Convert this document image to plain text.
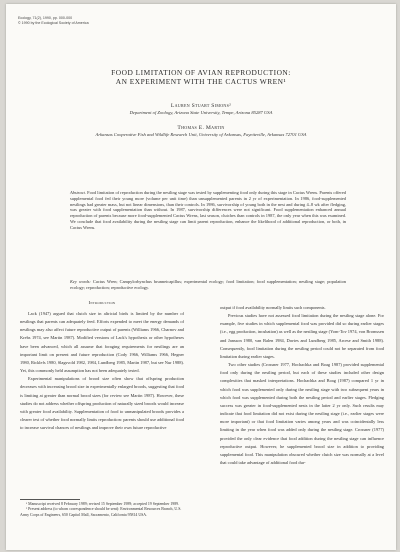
Ecology, 71(2), 1990, pp. 000-000
© 1990 by the Ecological Society of America
FOOD LIMITATION OF AVIAN REPRODUCTION:
AN EXPERIMENT WITH THE CACTUS WREN¹
Lauren Stuart Simons²
Department of Zoology, Arizona State University, Tempe, Arizona 85287 USA
Thomas E. Martin
Arkansas Cooperative Fish and Wildlife Research Unit, University of Arkansas, Fayetteville, Arkansas 72701 USA
Abstract. Food limitation of reproduction during the nestling stage was tested by supplementing food only during this stage in Cactus Wrens. Parents offered supplemental food fed their young more (volume per unit time) than unsupplemented parents in 2 yr of experimentation. In 1986, food-supplemented nestlings had greater mass, but not linear dimensions, than their controls. In 1986, survivorship of young both in the nest and during 4–8 wk after fledging, was greater with food supplementation than without. In 1987, survivorship differences were not significant. Food supplementation enhanced annual reproduction of parents because more food-supplemented Cactus Wrens, last season, clutches than controls in 1987, the only year when this was examined. We conclude that food availability during the nestling stage can limit parent reproduction, enhance the likelihood of additional reproduction, or both, in Cactus Wrens.
Key words: Cactus Wren; Campylorhynchus brunneicapillus; experimental ecology; food limitation; food supplementation; nestling stage; population ecology; reproduction; reproductive ecology.
Introduction

Lack (1947) argued that clutch size in altricial birds is limited by the number of nestlings that parents can adequately feed. Efforts expended to meet the energy demands of nestlings may also affect future reproductive output of parents (Williams 1966, Charnov and Krebs 1974, see Martin 1987). Modified versions of Lack's hypothesis or other hypotheses have been advanced, which all assume that foraging requirements for nestlings are an important limit on present and future reproduction (Cody 1966, Williams 1966, Hegner 1980, Ricklefs 1980, Slagsvold 1982, 1984, Lundberg 1985, Martin 1987, but see Nur 1988). Yet, this commonly held assumption has not been adequately tested.

Experimental manipulations of brood size often show that offspring production decreases with increasing brood size in experimentally enlarged broods, suggesting that food is limiting at greater than normal brood sizes (for review see Martin 1987). However, these studies do not address whether offspring production of naturally sized broods would increase with greater food availability. Supplementation of food to unmanipulated broods provides a clearer test of whether food normally limits reproduction: parents should use additional food to increase survival chances of nestlings and improve their own future reproductive

¹ Manuscript received 8 February 1989; revised 15 September 1989; accepted 19 September 1989.
² Present address (to whom correspondence should be sent): Environmental Resources Branch, U.S. Army Corps of Engineers, 650 Capitol Mall, Sacramento, California 95814 USA.

output if food availability normally limits such components.

Previous studies have not assessed food limitation during the nestling stage alone. For example, five studies in which supplemental food was provided did so during earlier stages (i.e., egg production, incubation) as well as the nestling stage (Yom-Tov 1974, von Bromssen and Jansson 1980, van Balen 1984, Davies and Lundberg 1985, Arcese and Smith 1988). Consequently, food limitation during the nestling period could not be separated from food limitation during earlier stages.

Two other studies (Crossner 1977, Hochachka and Boag 1987) provided supplemental food only during the nestling period, but each of these studies included other design complexities that masked interpretations. Hochachka and Boag (1987) compared 1 yr in which food was supplemented only during the nestling stage with two subsequent years in which food was supplemented during both the nestling period and earlier stages. Fledging success was greater in food-supplemented nests in the latter 2 yr only. Such results may indicate that food limitation did not exist during the nestling stage (i.e., earlier stages were more important) or that food limitation varies among years and was coincidentally less limiting in the year when food was added only during the nestling stage. Crossner (1977) provided the only clear evidence that food addition during the nestling stage can influence reproductive output. However, he supplemented brood size in addition to providing supplemental food. This manipulation obscured whether clutch size was normally at a level that could take advantage of additional food dur-
